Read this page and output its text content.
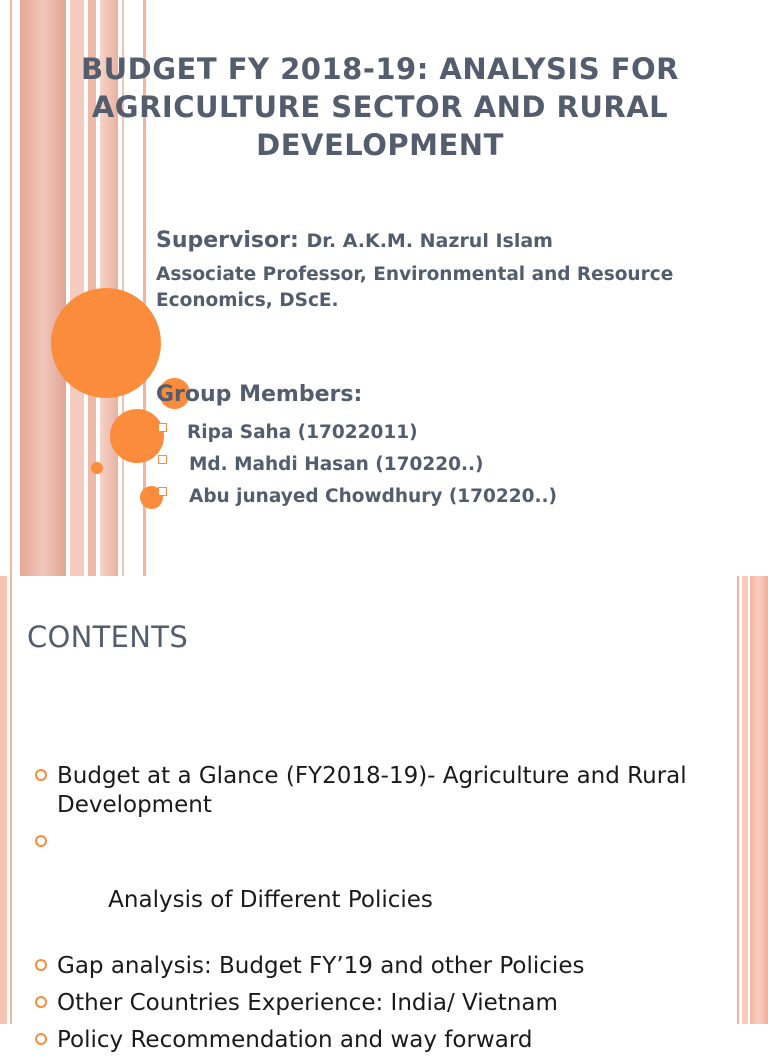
BUDGET FY 2018-19: ANALYSIS FOR AGRICULTURE SECTOR AND RURAL DEVELOPMENT
Supervisor: Dr. A.K.M. Nazrul Islam
Associate Professor, Environmental and Resource Economics, DScE.
Group Members:
Ripa Saha (17022011)
Md. Mahdi Hasan (170220..)
Abu junayed Chowdhury (170220..)
CONTENTS
Budget at a Glance (FY2018-19)- Agriculture and Rural Development

Analysis of Different Policies

Gap analysis: Budget FY’19 and other Policies
Other Countries Experience: India/ Vietnam
Policy Recommendation and way forward
